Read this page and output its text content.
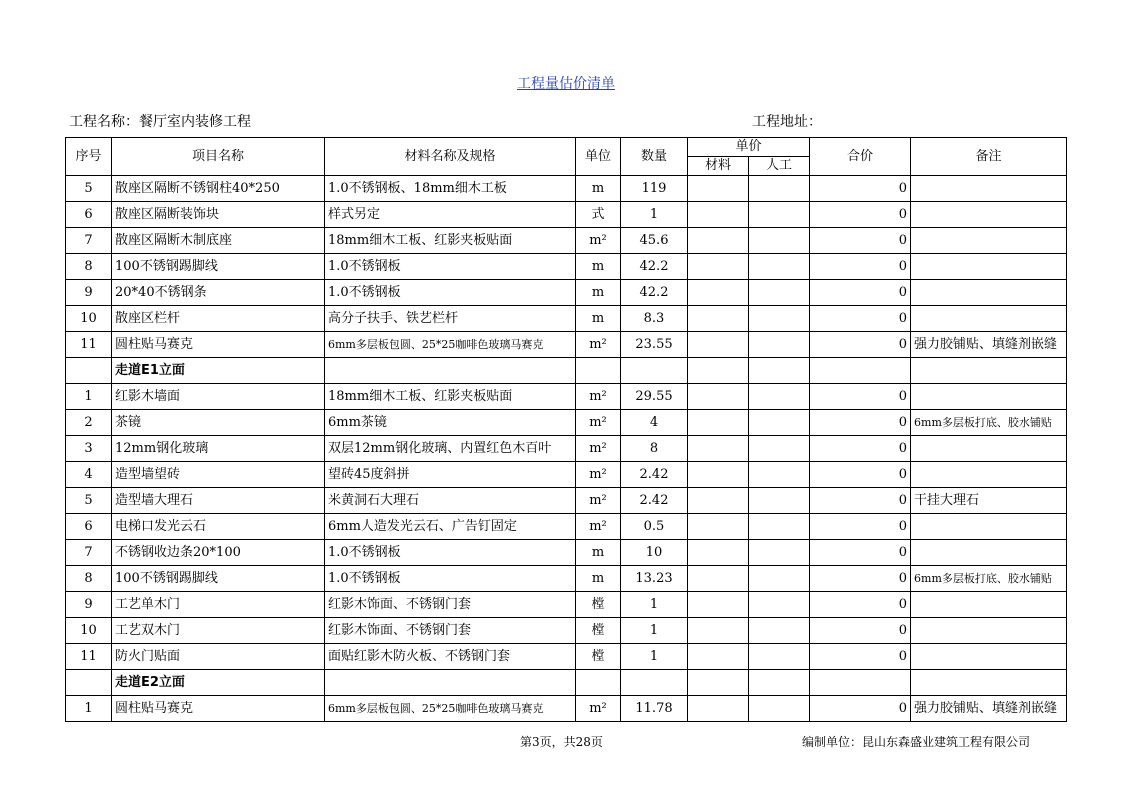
工程量估价清单
工程名称：餐厅室内装修工程	工程地址：
序号	项目名称	材料名称及规格	单位	数量	单价		合价	备注
					材料	人工		
5	散座区隔断不锈钢柱40*250	1.0不锈钢板、18mm细木工板	m	119			0	
6	散座区隔断装饰块	样式另定	式	1			0	
7	散座区隔断木制底座	18mm细木工板、红影夹板贴面	m²	45.6			0	
8	100不锈钢踢脚线	1.0不锈钢板	m	42.2			0	
9	20*40不锈钢条	1.0不锈钢板	m	42.2			0	
10	散座区栏杆	高分子扶手、铁艺栏杆	m	8.3			0	
11	圆柱贴马赛克	6mm多层板包圆、25*25咖啡色玻璃马赛克	m²	23.55			0	强力胶铺贴、填缝剂嵌缝
	走道E1立面							
1	红影木墙面	18mm细木工板、红影夹板贴面	m²	29.55			0	
2	茶镜	6mm茶镜	m²	4			0	6mm多层板打底、胶水铺贴
3	12mm钢化玻璃	双层12mm钢化玻璃、内置红色木百叶	m²	8			0	
4	造型墙望砖	望砖45度斜拼	m²	2.42			0	
5	造型墙大理石	米黄洞石大理石	m²	2.42			0	干挂大理石
6	电梯口发光云石	6mm人造发光云石、广告钉固定	m²	0.5			0	
7	不锈钢收边条20*100	1.0不锈钢板	m	10			0	
8	100不锈钢踢脚线	1.0不锈钢板	m	13.23			0	6mm多层板打底、胶水铺贴
9	工艺单木门	红影木饰面、不锈钢门套	樘	1			0	
10	工艺双木门	红影木饰面、不锈钢门套	樘	1			0	
11	防火门贴面	面贴红影木防火板、不锈钢门套	樘	1			0	
	走道E2立面							
1	圆柱贴马赛克	6mm多层板包圆、25*25咖啡色玻璃马赛克	m²	11.78			0	强力胶铺贴、填缝剂嵌缝
第3页，共28页	编制单位：昆山东森盛业建筑工程有限公司
